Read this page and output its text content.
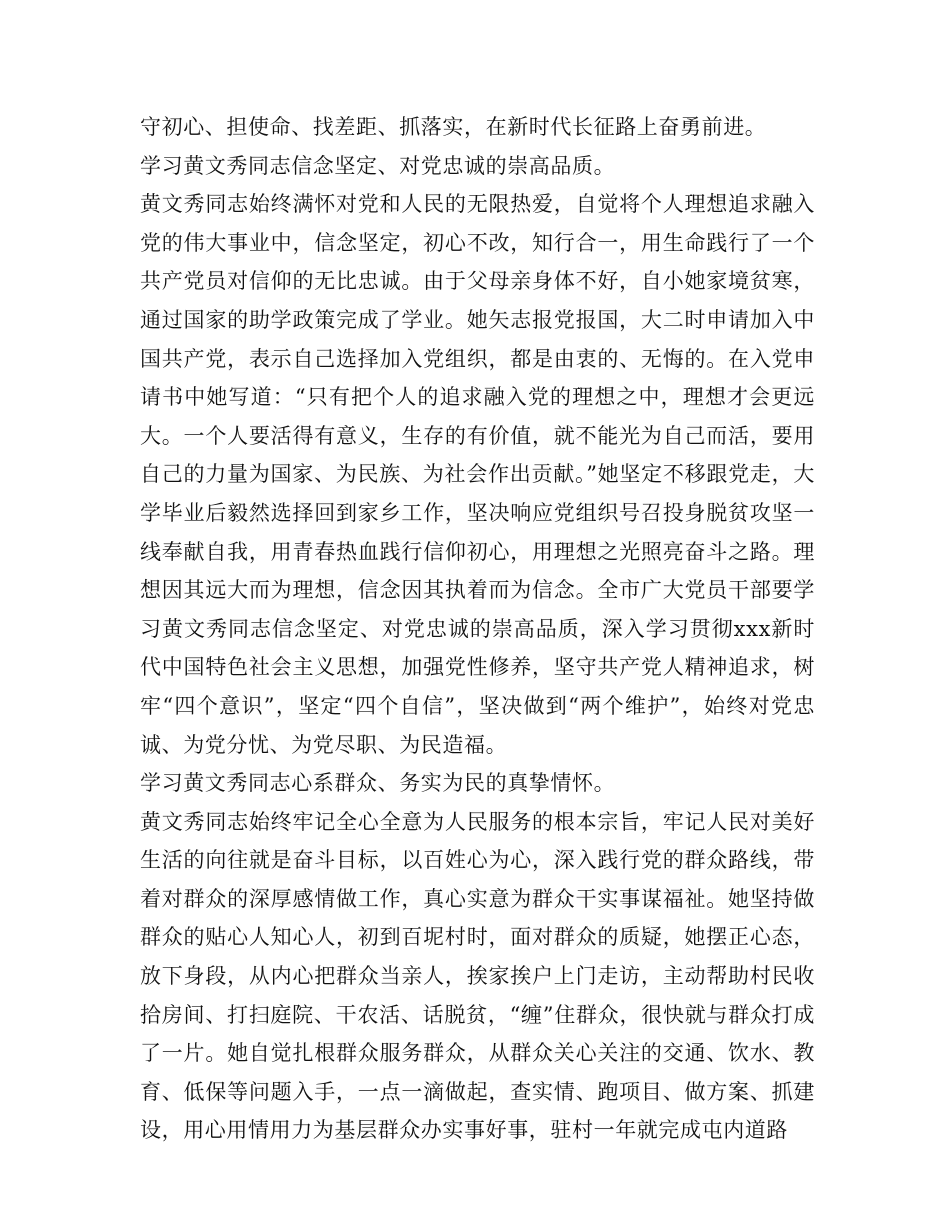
守初心、担使命、找差距、抓落实，在新时代长征路上奋勇前进。

学习黄文秀同志信念坚定、对党忠诚的崇高品质。

黄文秀同志始终满怀对党和人民的无限热爱，自觉将个人理想追求融入党的伟大事业中，信念坚定，初心不改，知行合一，用生命践行了一个共产党员对信仰的无比忠诚。由于父母亲身体不好，自小她家境贫寒，通过国家的助学政策完成了学业。她矢志报党报国，大二时申请加入中国共产党，表示自己选择加入党组织，都是由衷的、无悔的。在入党申请书中她写道：“只有把个人的追求融入党的理想之中，理想才会更远大。一个人要活得有意义，生存的有价值，就不能光为自己而活，要用自己的力量为国家、为民族、为社会作出贡献。”她坚定不移跟党走，大学毕业后毅然选择回到家乡工作，坚决响应党组织号召投身脱贫攻坚一线奉献自我，用青春热血践行信仰初心，用理想之光照亮奋斗之路。理想因其远大而为理想，信念因其执着而为信念。全市广大党员干部要学习黄文秀同志信念坚定、对党忠诚的崇高品质，深入学习贯彻xxx新时代中国特色社会主义思想，加强党性修养，坚守共产党人精神追求，树牢“四个意识”，坚定“四个自信”，坚决做到“两个维护”，始终对党忠诚、为党分忧、为党尽职、为民造福。

学习黄文秀同志心系群众、务实为民的真挚情怀。

黄文秀同志始终牢记全心全意为人民服务的根本宗旨，牢记人民对美好生活的向往就是奋斗目标，以百姓心为心，深入践行党的群众路线，带着对群众的深厚感情做工作，真心实意为群众干实事谋福祉。她坚持做群众的贴心人知心人，初到百坭村时，面对群众的质疑，她摆正心态，放下身段，从内心把群众当亲人，挨家挨户上门走访，主动帮助村民收拾房间、打扫庭院、干农活、话脱贫，“缠”住群众，很快就与群众打成了一片。她自觉扎根群众服务群众，从群众关心关注的交通、饮水、教育、低保等问题入手，一点一滴做起，查实情、跑项目、做方案、抓建设，用心用情用力为基层群众办实事好事，驻村一年就完成屯内道路
